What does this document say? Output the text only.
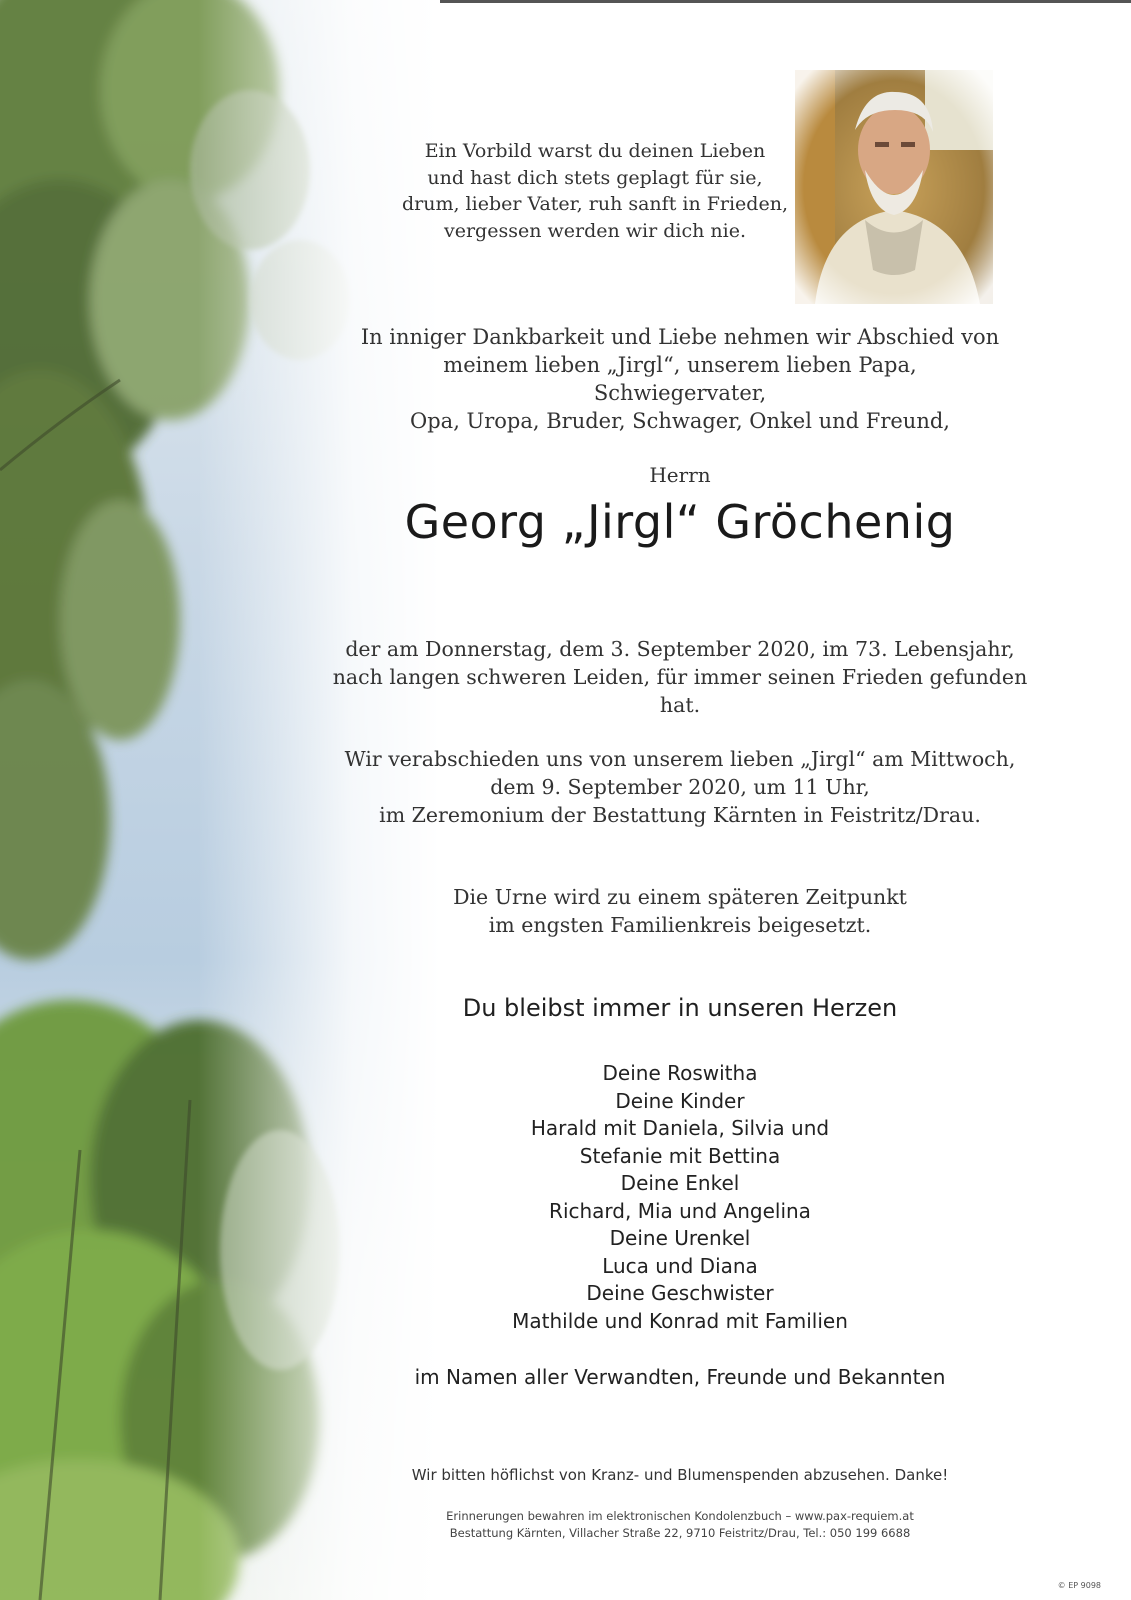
Ein Vorbild warst du deinen Lieben
und hast dich stets geplagt für sie,
drum, lieber Vater, ruh sanft in Frieden,
vergessen werden wir dich nie.
In inniger Dankbarkeit und Liebe nehmen wir Abschied von
meinem lieben „Jirgl“, unserem lieben Papa, Schwiegervater,
Opa, Uropa, Bruder, Schwager, Onkel und Freund,
Herrn
Georg „Jirgl“ Gröchenig
der am Donnerstag, dem 3. September 2020, im 73. Lebensjahr,
nach langen schweren Leiden, für immer seinen Frieden gefunden hat.
Wir verabschieden uns von unserem lieben „Jirgl“ am Mittwoch,
dem 9. September 2020, um 11 Uhr,
im Zeremonium der Bestattung Kärnten in Feistritz/Drau.
Die Urne wird zu einem späteren Zeitpunkt
im engsten Familienkreis beigesetzt.
Du bleibst immer in unseren Herzen
Deine Roswitha
Deine Kinder
Harald mit Daniela, Silvia und
Stefanie mit Bettina
Deine Enkel
Richard, Mia und Angelina
Deine Urenkel
Luca und Diana
Deine Geschwister
Mathilde und Konrad mit Familien
im Namen aller Verwandten, Freunde und Bekannten
Wir bitten höflichst von Kranz- und Blumenspenden abzusehen. Danke!
Erinnerungen bewahren im elektronischen Kondolenzbuch – www.pax-requiem.at
Bestattung Kärnten, Villacher Straße 22, 9710 Feistritz/Drau, Tel.: 050 199 6688
© EP 9098
